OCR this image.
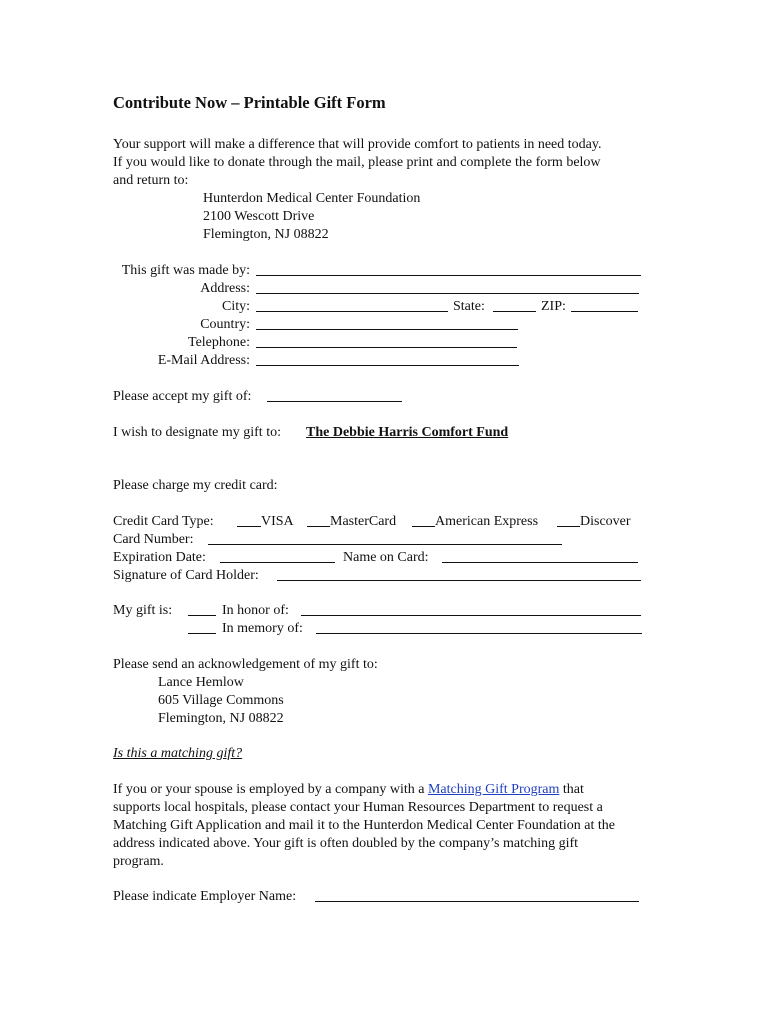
Contribute Now – Printable Gift Form
Your support will make a difference that will provide comfort to patients in need today.
If you would like to donate through the mail, please print and complete the form below
and return to:
Hunterdon Medical Center Foundation
2100 Wescott Drive
Flemington, NJ 08822
This gift was made by:
Address:
City:	State:	ZIP:
Country:
Telephone:
E-Mail Address:
Please accept my gift of:
I wish to designate my gift to: The Debbie Harris Comfort Fund
Please charge my credit card:
Credit Card Type:	VISA	MasterCard	American Express	Discover
Card Number:
Expiration Date:	Name on Card:
Signature of Card Holder:
My gift is:	In honor of:
In memory of:
Please send an acknowledgement of my gift to:
Lance Hemlow
605 Village Commons
Flemington, NJ 08822
Is this a matching gift?
If you or your spouse is employed by a company with a Matching Gift Program that
supports local hospitals, please contact your Human Resources Department to request a
Matching Gift Application and mail it to the Hunterdon Medical Center Foundation at the
address indicated above. Your gift is often doubled by the company’s matching gift
program.
Please indicate Employer Name:
